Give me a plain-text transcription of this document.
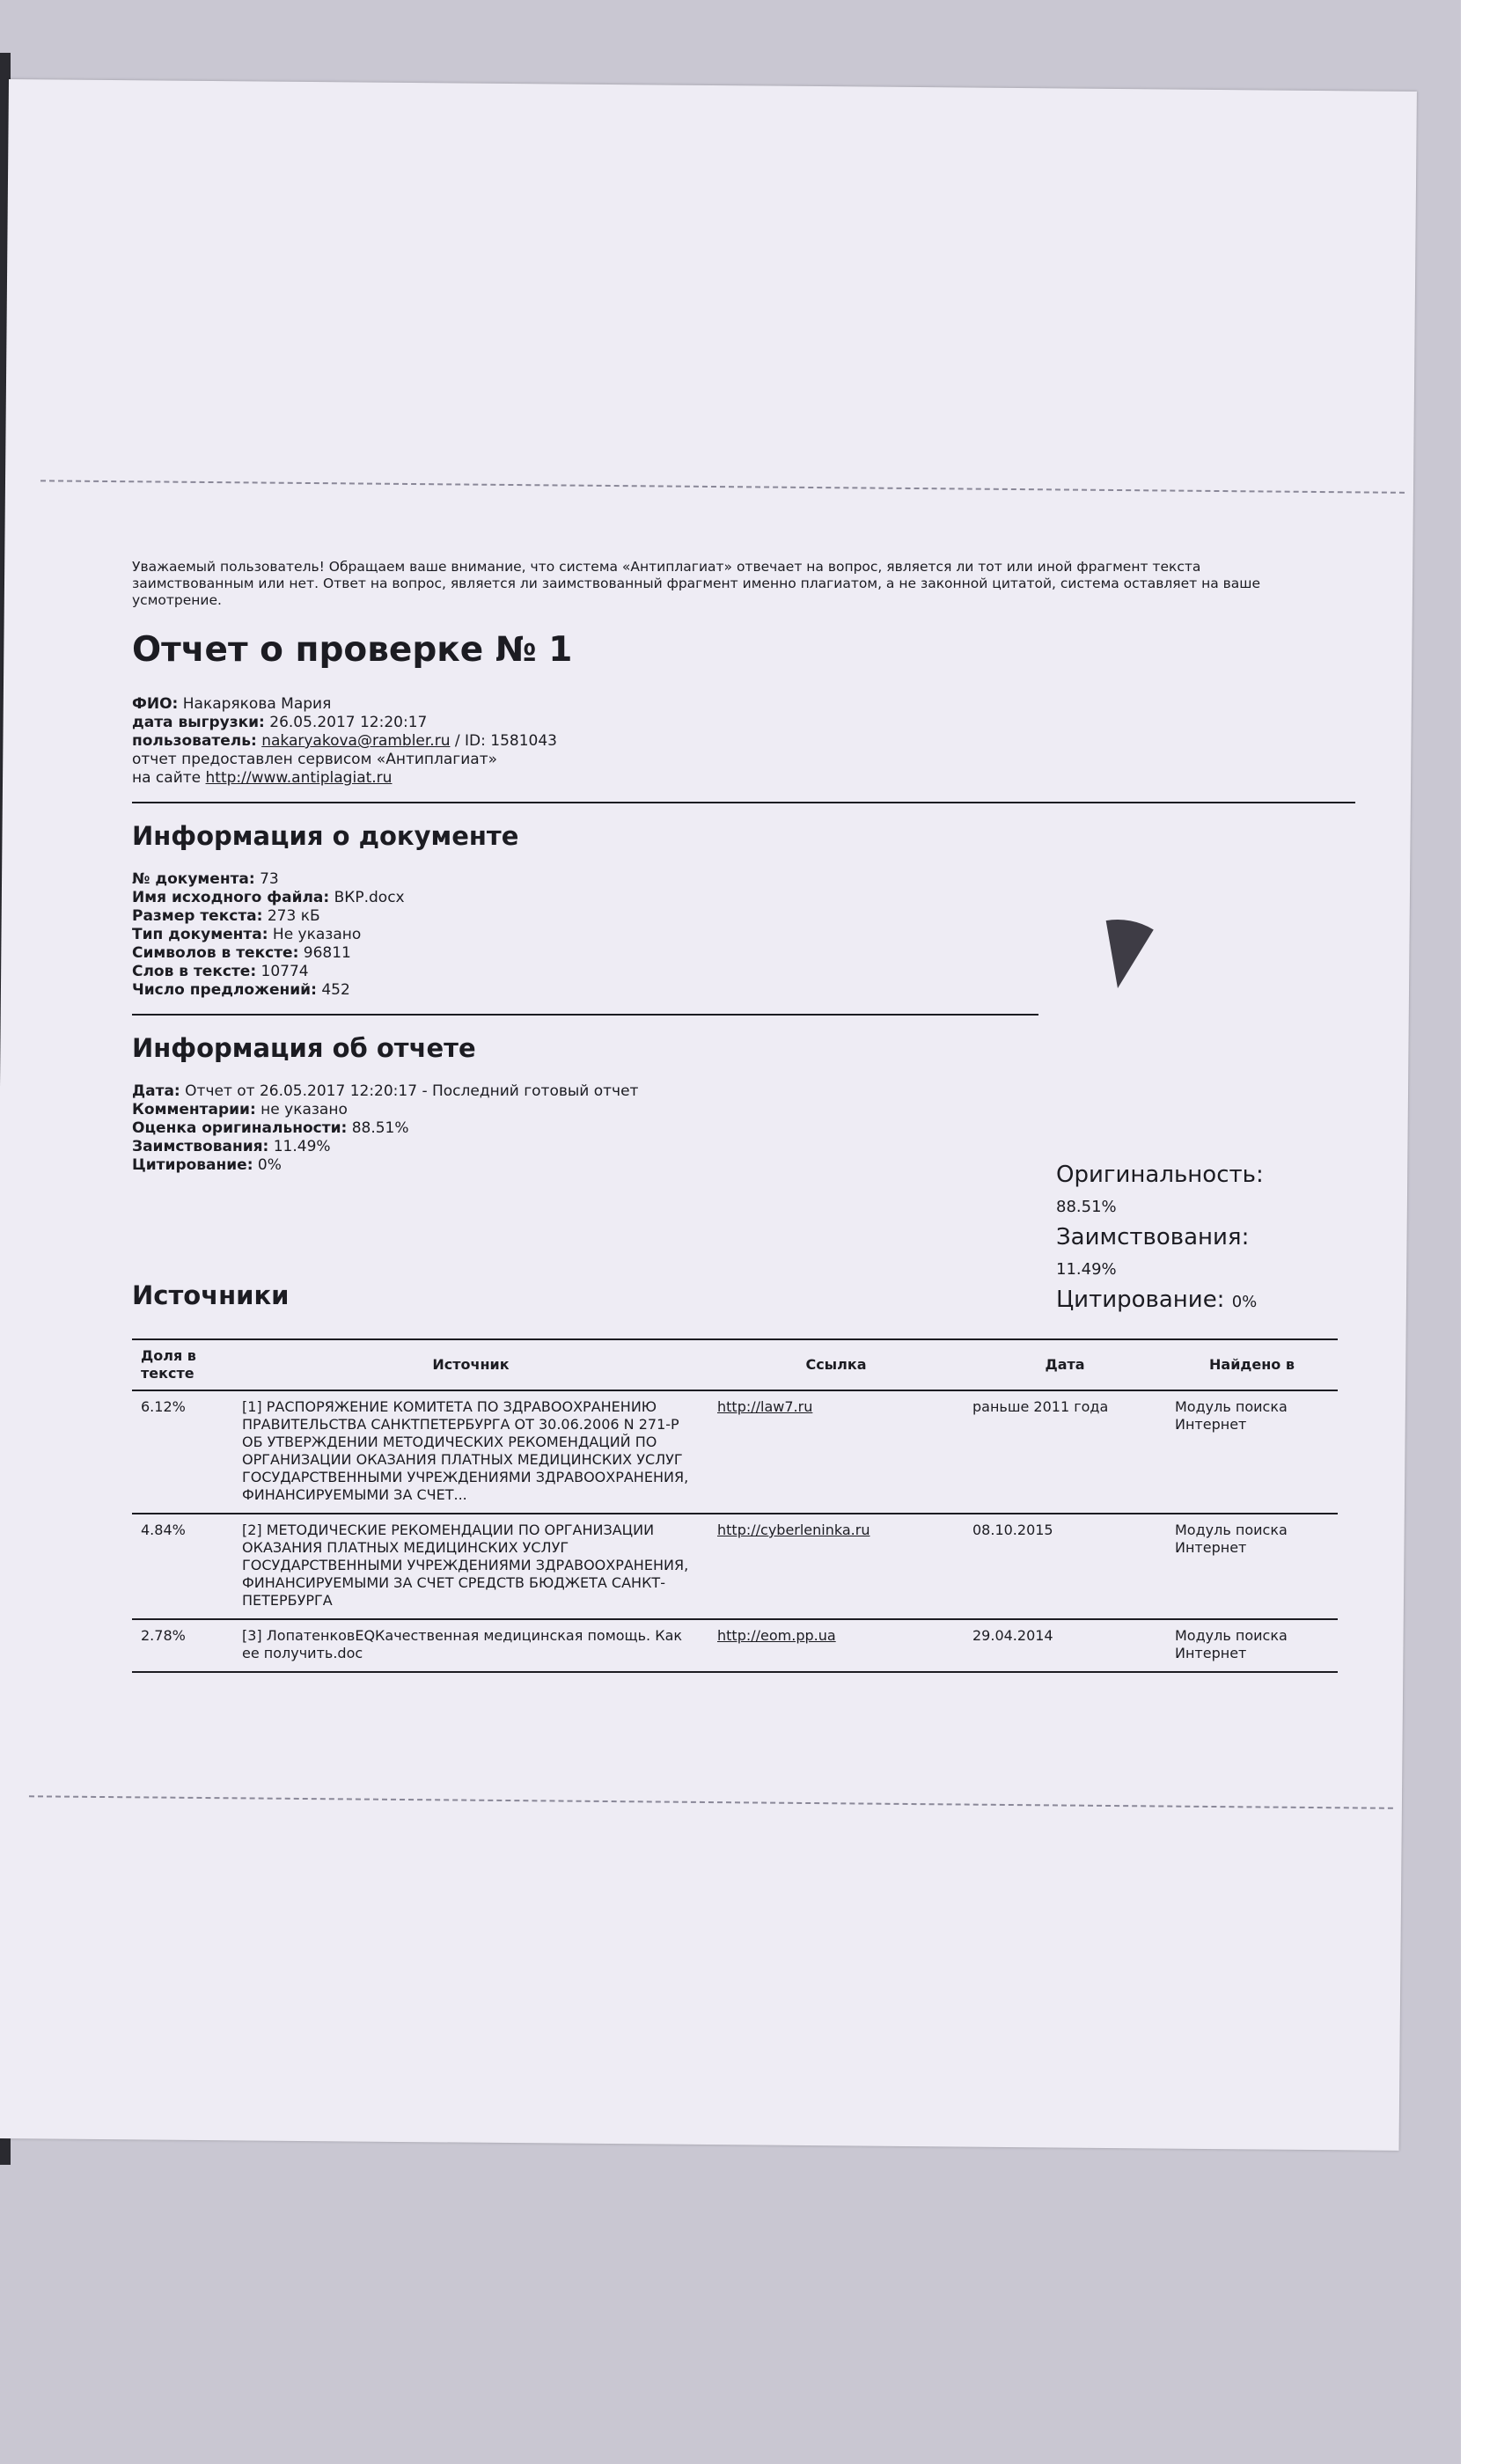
Уважаемый пользователь! Обращаем ваше внимание, что система «Антиплагиат» отвечает на вопрос, является ли тот или иной фрагмент текста заимствованным или нет. Ответ на вопрос, является ли заимствованный фрагмент именно плагиатом, а не законной цитатой, система оставляет на ваше усмотрение.

Отчет о проверке № 1

ФИО: Накарякова Мария

дата выгрузки: 26.05.2017 12:20:17

пользователь: nakaryakova@rambler.ru / ID: 1581043

отчет предоставлен сервисом «Антиплагиат»

на сайте http://www.antiplagiat.ru

Информация о документе

№ документа: 73

Имя исходного файла: ВКР.docx

Размер текста: 273 кБ

Тип документа: Не указано

Символов в тексте: 96811

Слов в тексте: 10774

Число предложений: 452

Информация об отчете

Дата: Отчет от 26.05.2017 12:20:17 - Последний готовый отчет

Комментарии: не указано

Оценка оригинальности: 88.51%

Заимствования: 11.49%

Цитирование: 0%	Оригинальность: 88.51%
Заимствования: 11.49%
Цитирование: 0%
Источники
Доля в тексте	Источник	Ссылка	Дата	Найдено в
6.12%	[1] РАСПОРЯЖЕНИЕ КОМИТЕТА ПО ЗДРАВООХРАНЕНИЮ ПРАВИТЕЛЬСТВА САНКТПЕТЕРБУРГА ОТ 30.06.2006 N 271-Р ОБ УТВЕРЖДЕНИИ МЕТОДИЧЕСКИХ РЕКОМЕНДАЦИЙ ПО ОРГАНИЗАЦИИ ОКАЗАНИЯ ПЛАТНЫХ МЕДИЦИНСКИХ УСЛУГ ГОСУДАРСТВЕННЫМИ УЧРЕЖДЕНИЯМИ ЗДРАВООХРАНЕНИЯ, ФИНАНСИРУЕМЫМИ ЗА СЧЕТ...	http://law7.ru	раньше 2011 года	Модуль поиска Интернет
4.84%	[2] МЕТОДИЧЕСКИЕ РЕКОМЕНДАЦИИ ПО ОРГАНИЗАЦИИ ОКАЗАНИЯ ПЛАТНЫХ МЕДИЦИНСКИХ УСЛУГ ГОСУДАРСТВЕННЫМИ УЧРЕЖДЕНИЯМИ ЗДРАВООХРАНЕНИЯ, ФИНАНСИРУЕМЫМИ ЗА СЧЕТ СРЕДСТВ БЮДЖЕТА САНКТ-ПЕТЕРБУРГА	http://cyberleninka.ru	08.10.2015	Модуль поиска Интернет
2.78%	[3] ЛопатенковEQКачественная медицинская помощь. Как ее получить.doc	http://eom.pp.ua	29.04.2014	Модуль поиска Интернет
